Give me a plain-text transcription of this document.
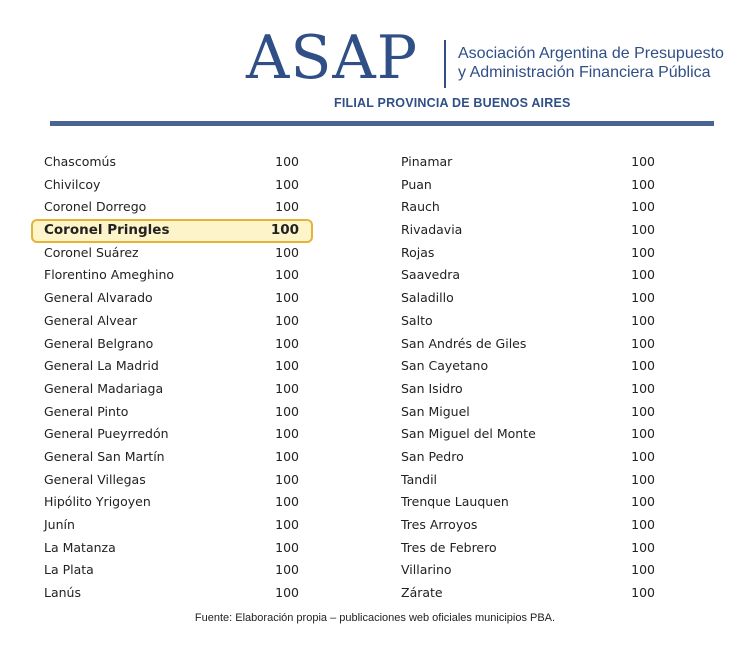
ASAP Asociación Argentina de Presupuesto
y Administración Financiera Pública
FILIAL PROVINCIA DE BUENOS AIRES
Chascomús	100
Chivilcoy	100
Coronel Dorrego	100
Coronel Pringles	100
Coronel Suárez	100
Florentino Ameghino	100
General Alvarado	100
General Alvear	100
General Belgrano	100
General La Madrid	100
General Madariaga	100
General Pinto	100
General Pueyrredón	100
General San Martín	100
General Villegas	100
Hipólito Yrigoyen	100
Junín	100
La Matanza	100
La Plata	100
Lanús	100
Pinamar	100
Puan	100
Rauch	100
Rivadavia	100
Rojas	100
Saavedra	100
Saladillo	100
Salto	100
San Andrés de Giles	100
San Cayetano	100
San Isidro	100
San Miguel	100
San Miguel del Monte	100
San Pedro	100
Tandil	100
Trenque Lauquen	100
Tres Arroyos	100
Tres de Febrero	100
Villarino	100
Zárate	100
Fuente: Elaboración propia – publicaciones web oficiales municipios PBA.
